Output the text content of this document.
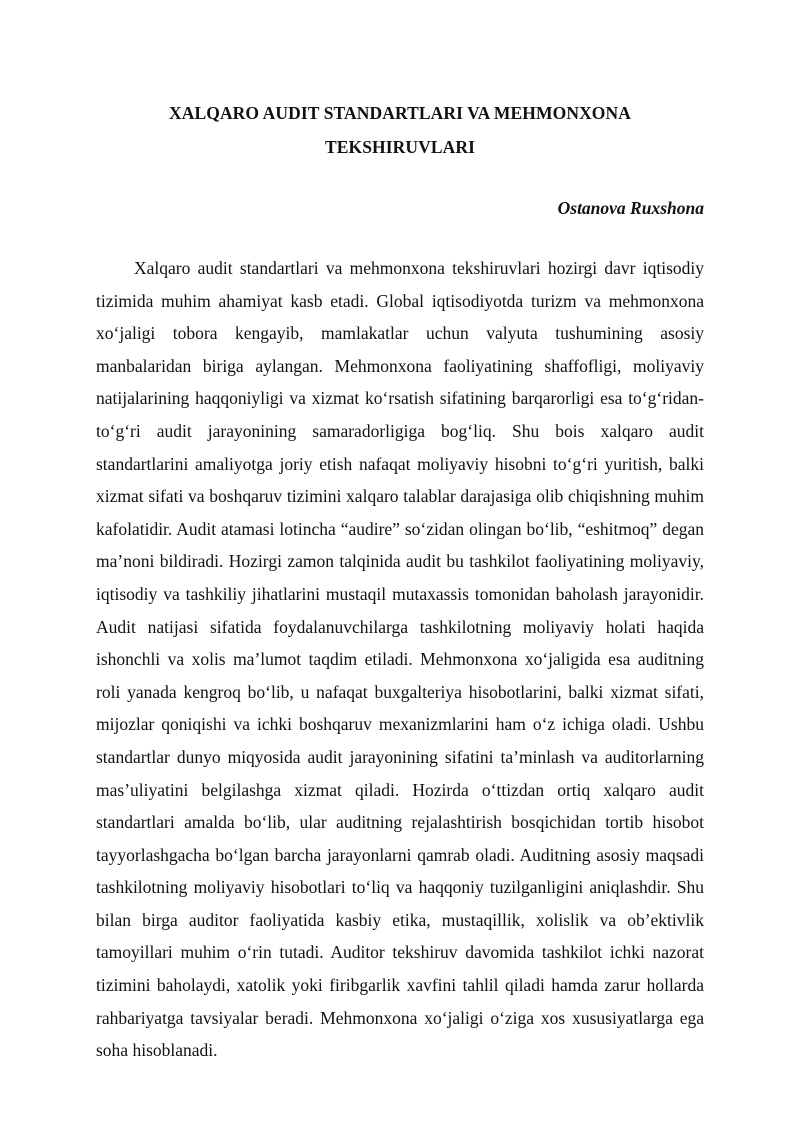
XALQARO AUDIT STANDARTLARI VA MEHMONXONA
TEKSHIRUVLARI

Ostanova Ruxshona

Xalqaro audit standartlari va mehmonxona tekshiruvlari hozirgi davr iqtisodiy tizimida muhim ahamiyat kasb etadi. Global iqtisodiyotda turizm va mehmonxona xo‘jaligi tobora kengayib, mamlakatlar uchun valyuta tushumining asosiy manbalaridan biriga aylangan. Mehmonxona faoliyatining shaffofligi, moliyaviy natijalarining haqqoniyligi va xizmat ko‘rsatish sifatining barqarorligi esa to‘g‘ridan-to‘g‘ri audit jarayonining samaradorligiga bog‘liq. Shu bois xalqaro audit standartlarini amaliyotga joriy etish nafaqat moliyaviy hisobni to‘g‘ri yuritish, balki xizmat sifati va boshqaruv tizimini xalqaro talablar darajasiga olib chiqishning muhim kafolatidir. Audit atamasi lotincha “audire” so‘zidan olingan bo‘lib, “eshitmoq” degan ma’noni bildiradi. Hozirgi zamon talqinida audit bu tashkilot faoliyatining moliyaviy, iqtisodiy va tashkiliy jihatlarini mustaqil mutaxassis tomonidan baholash jarayonidir. Audit natijasi sifatida foydalanuvchilarga tashkilotning moliyaviy holati haqida ishonchli va xolis ma’lumot taqdim etiladi. Mehmonxona xo‘jaligida esa auditning roli yanada kengroq bo‘lib, u nafaqat buxgalteriya hisobotlarini, balki xizmat sifati, mijozlar qoniqishi va ichki boshqaruv mexanizmlarini ham o‘z ichiga oladi. Ushbu standartlar dunyo miqyosida audit jarayonining sifatini ta’minlash va auditorlarning mas’uliyatini belgilashga xizmat qiladi. Hozirda o‘ttizdan ortiq xalqaro audit standartlari amalda bo‘lib, ular auditning rejalashtirish bosqichidan tortib hisobot tayyorlashgacha bo‘lgan barcha jarayonlarni qamrab oladi. Auditning asosiy maqsadi tashkilotning moliyaviy hisobotlari to‘liq va haqqoniy tuzilganligini aniqlashdir. Shu bilan birga auditor faoliyatida kasbiy etika, mustaqillik, xolislik va ob’ektivlik tamoyillari muhim o‘rin tutadi. Auditor tekshiruv davomida tashkilot ichki nazorat tizimini baholaydi, xatolik yoki firibgarlik xavfini tahlil qiladi hamda zarur hollarda rahbariyatga tavsiyalar beradi. Mehmonxona xo‘jaligi o‘ziga xos xususiyatlarga ega soha hisoblanadi.
